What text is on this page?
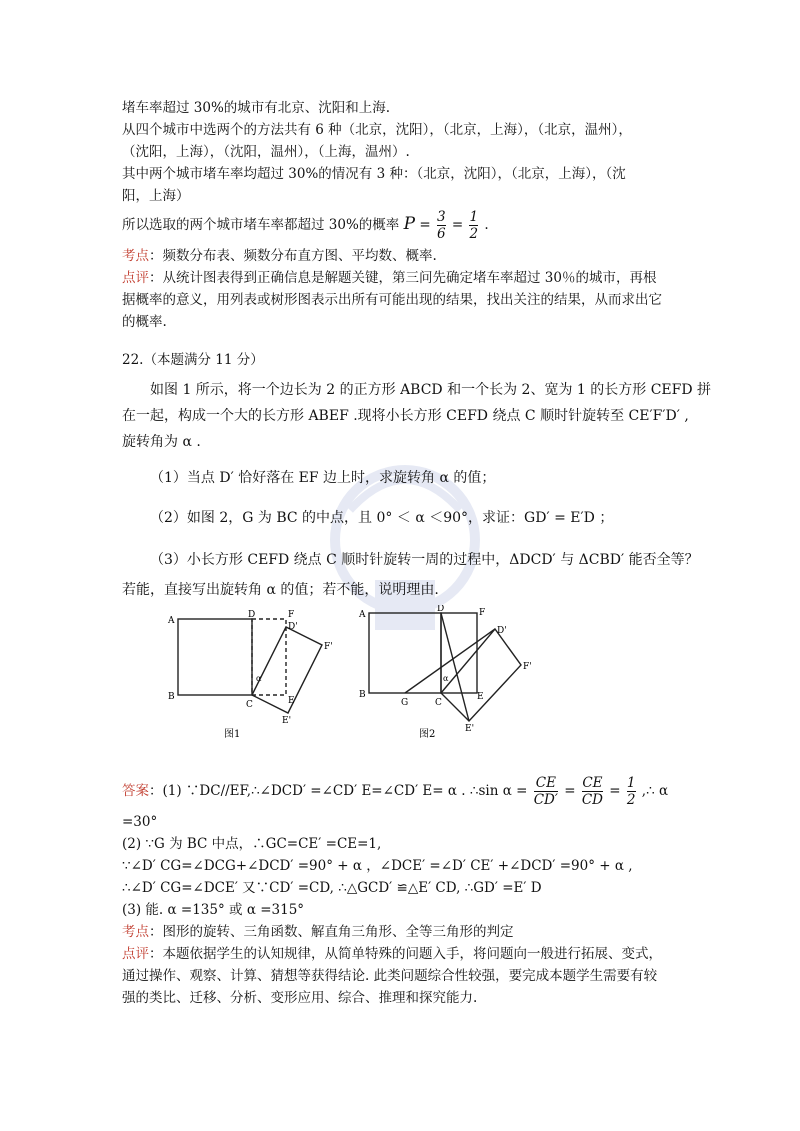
堵车率超过 30%的城市有北京、沈阳和上海.
从四个城市中选两个的方法共有 6 种（北京，沈阳），（北京，上海），（北京，温州），
（沈阳，上海），（沈阳，温州），（上海，温州）.
其中两个城市堵车率均超过 30%的情况有 3 种：（北京，沈阳），（北京，上海），（沈
阳，上海）
所以选取的两个城市堵车率都超过 30%的概率 $P = \frac{3}{6} = \frac{1}{2}$ .
考点：频数分布表、频数分布直方图、平均数、概率.
点评：从统计图表得到正确信息是解题关键，第三问先确定堵车率超过 30％的城市，再根
据概率的意义，用列表或树形图表示出所有可能出现的结果，找出关注的结果，从而求出它
的概率.
22.（本题满分 11 分）
如图 1 所示，将一个边长为 2 的正方形 ABCD 和一个长为 2、宽为 1 的长方形 CEFD 拼
在一起，构成一个大的长方形 ABEF .现将小长方形 CEFD 绕点 C 顺时针旋转至 CE′F′D′ ,
旋转角为 α .
（1）当点 D′ 恰好落在 EF 边上时，求旋转角 α 的值；
（2）如图 2，G 为 BC 的中点，且 0° ＜ α ＜90°，求证：GD′ = E′D ；
（3）小长方形 CEFD 绕点 C 顺时针旋转一周的过程中，ΔDCD′ 与 ΔCBD′ 能否全等？
若能，直接写出旋转角 α 的值；若不能，说明理由.
A
B
C
D	F
E
D'
F'
E'
α
图1
A
B
G	C
D	F
E
D'
F'
E'
α
图2
答案：(1) ∵DC//EF,∴∠DCD′ =∠CD′ E=∠CD′ E= α . ∴sin $\alpha = \frac{CE}{CD'} = \frac{CE}{CD} = \frac{1}{2}$ ,∴ α
=30°
(2) ∵G 为 BC 中点，∴GC=CE′ =CE=1,
∵∠D′ CG=∠DCG+∠DCD′ =90° + α ，∠DCE′ =∠D′ CE′ +∠DCD′ =90° + α ,
∴∠D′ CG=∠DCE′ 又∵CD′ =CD, ∴△GCD′ ≌△E′ CD, ∴GD′ =E′ D
(3) 能. α =135° 或 α =315°
考点：图形的旋转、三角函数、解直角三角形、全等三角形的判定
点评：本题依据学生的认知规律，从简单特殊的问题入手，将问题向一般进行拓展、变式，
通过操作、观察、计算、猜想等获得结论. 此类问题综合性较强，要完成本题学生需要有较
强的类比、迁移、分析、变形应用、综合、推理和探究能力.
